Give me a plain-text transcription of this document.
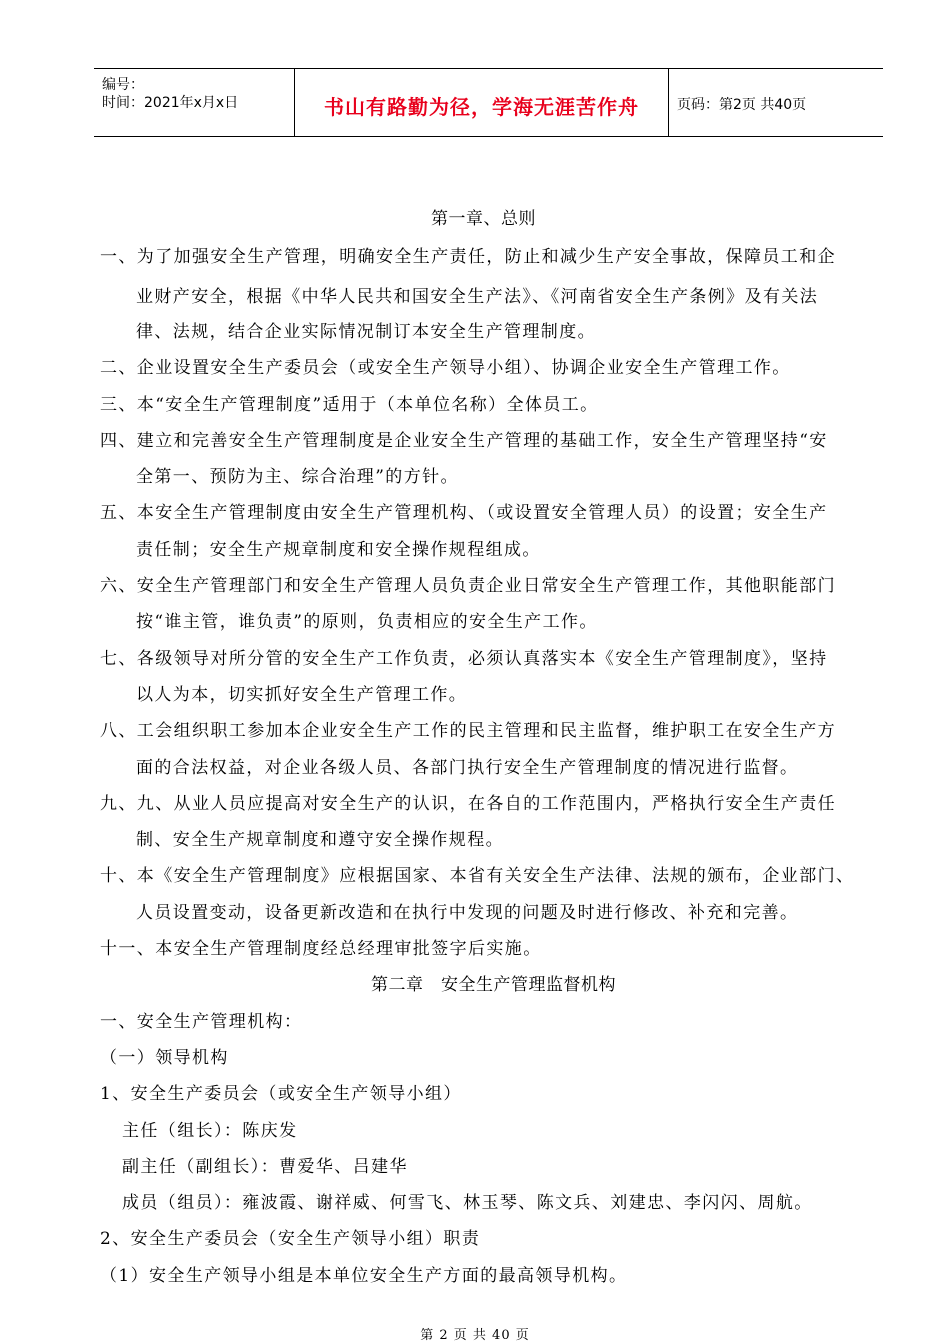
编号：
时间：2021年x月x日	书山有路勤为径，学海无涯苦作舟	页码：第2页 共40页
第一章、总则
一、为了加强安全生产管理，明确安全生产责任，防止和减少生产安全事故，保障员工和企
业财产安全，根据《中华人民共和国安全生产法》、《河南省安全生产条例》及有关法
律、法规，结合企业实际情况制订本安全生产管理制度。
二、企业设置安全生产委员会（或安全生产领导小组）、协调企业安全生产管理工作。
三、本“安全生产管理制度”适用于（本单位名称）全体员工。
四、建立和完善安全生产管理制度是企业安全生产管理的基础工作，安全生产管理坚持“安
全第一、预防为主、综合治理”的方针。
五、本安全生产管理制度由安全生产管理机构、（或设置安全管理人员）的设置；安全生产
责任制；安全生产规章制度和安全操作规程组成。
六、安全生产管理部门和安全生产管理人员负责企业日常安全生产管理工作，其他职能部门
按“谁主管，谁负责”的原则，负责相应的安全生产工作。
七、各级领导对所分管的安全生产工作负责，必须认真落实本《安全生产管理制度》，坚持
以人为本，切实抓好安全生产管理工作。
八、工会组织职工参加本企业安全生产工作的民主管理和民主监督，维护职工在安全生产方
面的合法权益，对企业各级人员、各部门执行安全生产管理制度的情况进行监督。
九、九、从业人员应提高对安全生产的认识，在各自的工作范围内，严格执行安全生产责任
制、安全生产规章制度和遵守安全操作规程。
十、本《安全生产管理制度》应根据国家、本省有关安全生产法律、法规的颁布，企业部门、
人员设置变动，设备更新改造和在执行中发现的问题及时进行修改、补充和完善。
十一、本安全生产管理制度经总经理审批签字后实施。
第二章　安全生产管理监督机构
一、安全生产管理机构：
（一）领导机构
1、安全生产委员会（或安全生产领导小组）
主任（组长）：陈庆发
副主任（副组长）：曹爱华、吕建华
成员（组员）：雍波霞、谢祥威、何雪飞、林玉琴、陈文兵、刘建忠、李闪闪、周航。
2、安全生产委员会（安全生产领导小组）职责
（1）安全生产领导小组是本单位安全生产方面的最高领导机构。
第 2 页 共 40 页
